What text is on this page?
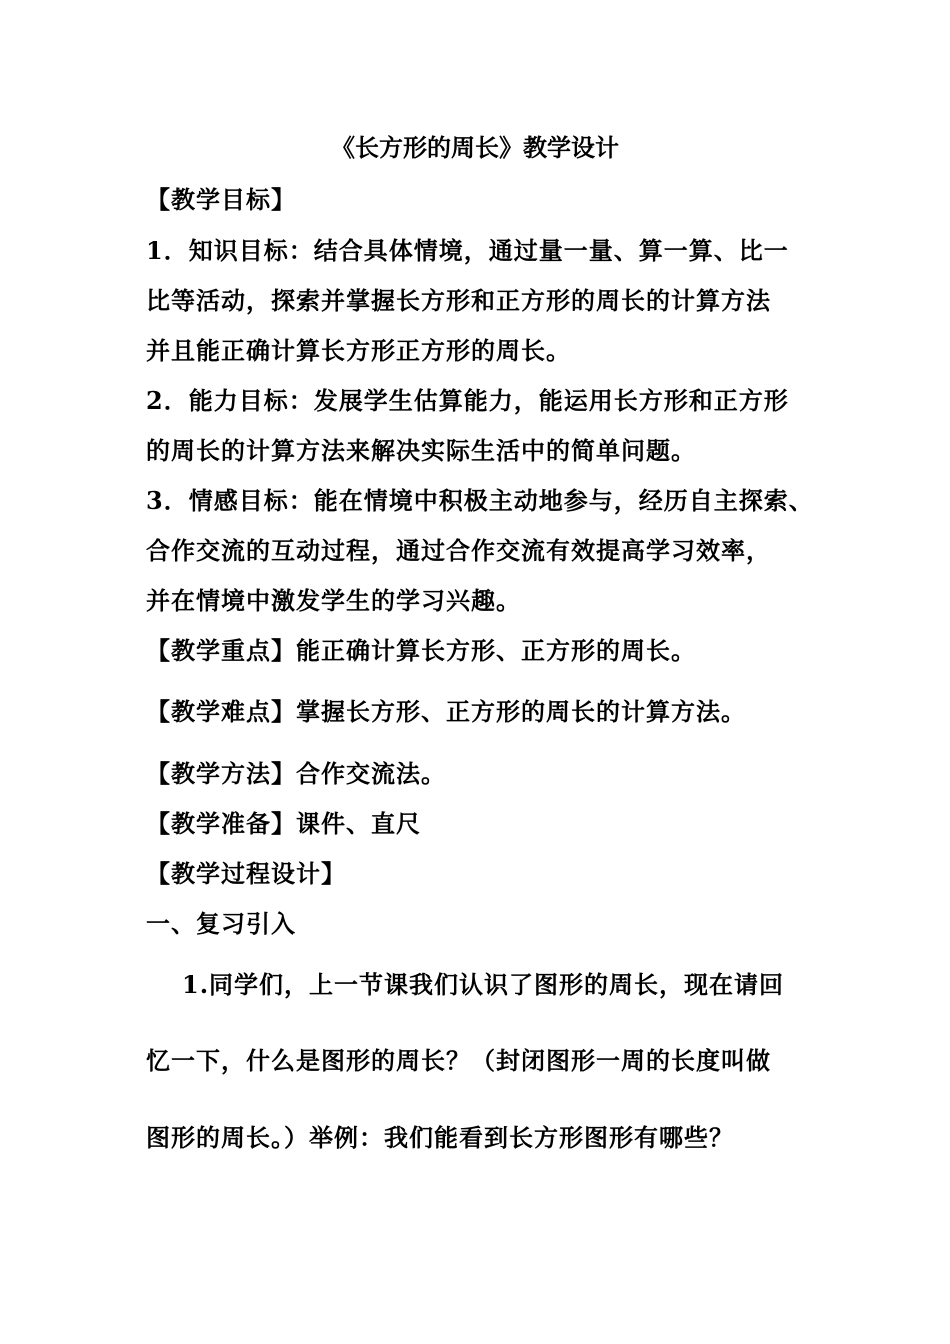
《长方形的周长》教学设计
【教学目标】
1．知识目标：结合具体情境，通过量一量、算一算、比一
比等活动，探索并掌握长方形和正方形的周长的计算方法
并且能正确计算长方形正方形的周长。
2．能力目标：发展学生估算能力，能运用长方形和正方形
的周长的计算方法来解决实际生活中的简单问题。
3．情感目标：能在情境中积极主动地参与，经历自主探索、
合作交流的互动过程，通过合作交流有效提高学习效率，
并在情境中激发学生的学习兴趣。
【教学重点】能正确计算长方形、正方形的周长。
【教学难点】掌握长方形、正方形的周长的计算方法。
【教学方法】合作交流法。
【教学准备】课件、直尺
【教学过程设计】
一、复习引入
1.同学们，上一节课我们认识了图形的周长，现在请回
忆一下，什么是图形的周长？（封闭图形一周的长度叫做
图形的周长。）举例：我们能看到长方形图形有哪些？
